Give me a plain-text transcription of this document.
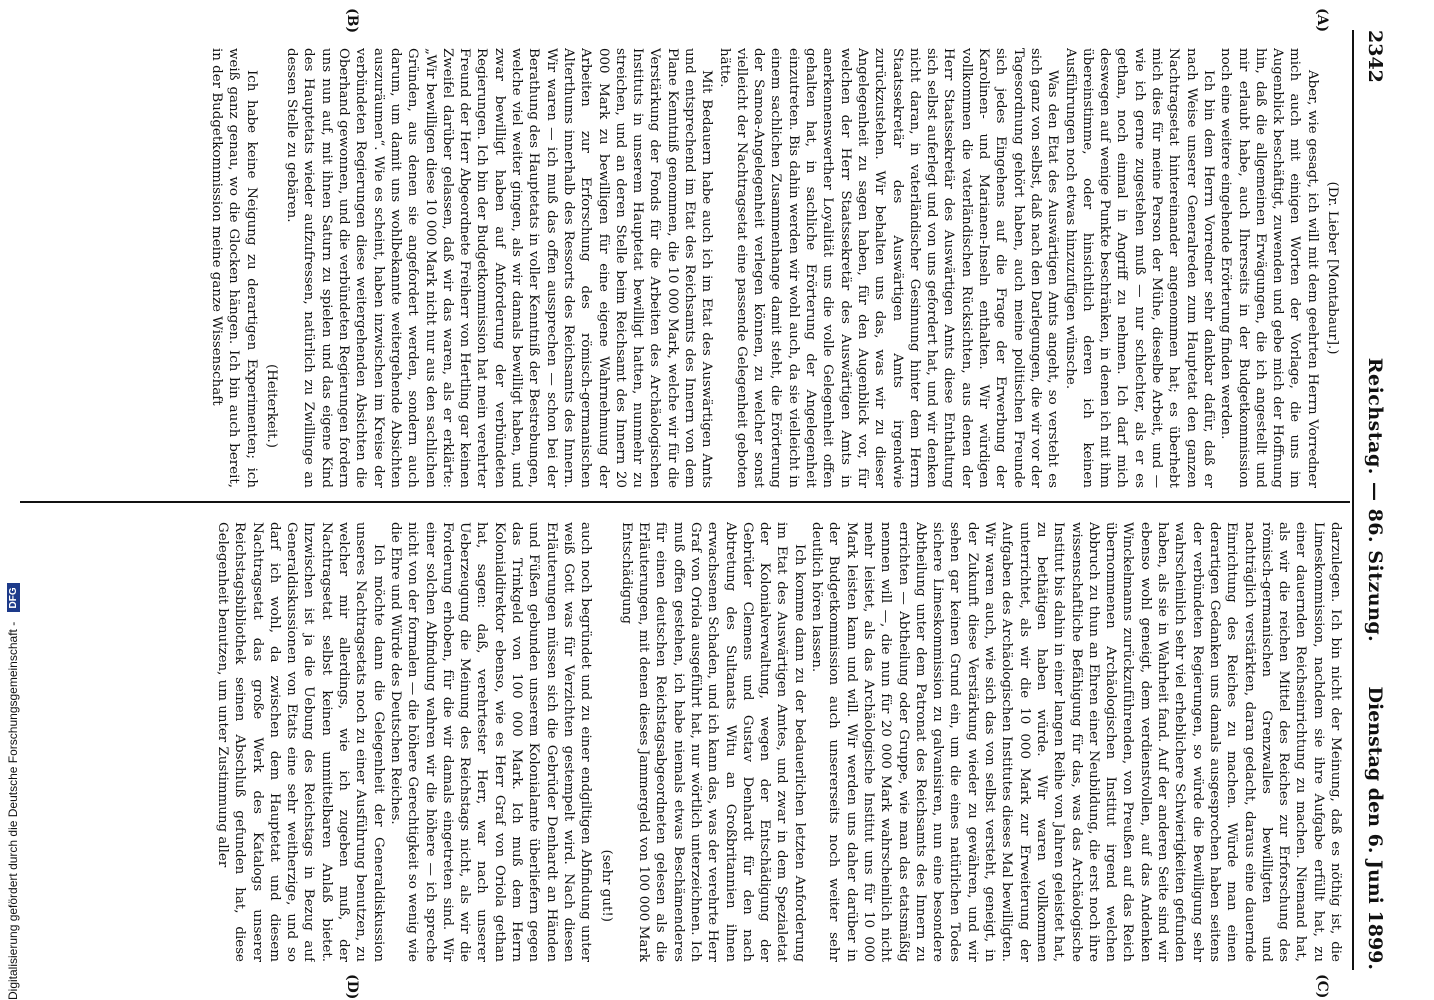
2342
Reichstag. — 86. Sitzung.
Dienstag den 6. Juni 1899.
(A)
(B)
(C)
(D)

(Dr. Lieber [Montabaur].)

Aber, wie gesagt, ich will mit dem geehrten Herrn Vorredner mich auch mit einigen Worten der Vorlage, die uns im Augenblick beschäftigt, zuwenden und gebe mich der Hoffnung hin, daß die allgemeinen Erwägungen, die ich angestellt und mir erlaubt habe, auch Ihrerseits in der Budgetkommission noch eine weitere eingehende Erörterung finden werden.

Ich bin dem Herrn Vorredner sehr dankbar dafür, daß er nach Weise unserer Generalreden zum Hauptetat den ganzen Nachtragsetat hintereinander angenommen hat; es überhebt mich dies für meine Person der Mühe, dieselbe Arbeit, und — wie ich gerne zugestehen muß — nur schlechter, als er es gethan, noch einmal in Angriff zu nehmen. Ich darf mich deswegen auf wenige Punkte beschränken, in denen ich mit ihm übereinstimme, oder hinsichtlich deren ich keinen Ausführungen noch etwas hinzuzufügen wünsche.

Was den Etat des Auswärtigen Amts angeht, so versteht es sich ganz von selbst, daß nach den Darlegungen, die wir vor der Tagesordnung gehört haben, auch meine politischen Freunde sich jedes Eingehens auf die Frage der Erwerbung der Karolinen- und Marianen-Inseln enthalten. Wir würdigen vollkommen die vaterländischen Rücksichten, aus denen der Herr Staatssekretär des Auswärtigen Amts diese Enthaltung sich selbst auferlegt und von uns gefordert hat, und wir denken nicht daran, in vaterländischer Gesinnung hinter dem Herrn Staatssekretär des Auswärtigen Amts irgendwie zurückzustehen. Wir behalten uns das, was wir zu dieser Angelegenheit zu sagen haben, für den Augenblick vor, für welchen der Herr Staatssekretär des Auswärtigen Amts in anerkennenswerther Loyalität uns die volle Gelegenheit offen gehalten hat, in sachliche Erörterung der Angelegenheit einzutreten. Bis dahin werden wir wohl auch, da sie vielleicht in einem sachlichen Zusammenhange damit steht, die Erörterung der Samoa-Angelegenheit verlegen können, zu welcher sonst vielleicht der Nachtragsetat eine passende Gelegenheit geboten hätte.

Mit Bedauern habe auch ich im Etat des Auswärtigen Amts und entsprechend im Etat des Reichsamts des Innern von dem Plane Kenntniß genommen, die 10 000 Mark, welche wir für die Verstärkung der Fonds für die Arbeiten des Archäologischen Instituts in unserem Hauptetat bewilligt hatten, nunmehr zu streichen, und an deren Stelle beim Reichsamt des Innern 20 000 Mark zu bewilligen für eine eigene Wahrnehmung der Arbeiten zur Erforschung des römisch-germanischen Alterthums innerhalb des Ressorts des Reichsamts des Innern. Wir waren — ich muß das offen aussprechen — schon bei der Berathung des Hauptetats in voller Kenntniß der Bestrebungen, welche viel weiter gingen, als wir damals bewilligt haben, und zwar bewilligt haben auf Anforderung der verbündeten Regierungen. Ich bin der Budgetkommission hat mein verehrter Freund der Herr Abgeordnete Freiherr von Hertling gar keinen Zweifel darüber gelassen, daß wir das waren, als er erklärte: „Wir bewilligen diese 10 000 Mark nicht nur aus den sachlichen Gründen, aus denen sie angefordert werden, sondern auch darum, um damit uns wohlbekannte weitergehende Absichten auszuräumen“. Wie es scheint, haben inzwischen im Kreise der verbündeten Regierungen diese weitergehenden Absichten die Oberhand gewonnen, und die verbündeten Regierungen fordern uns nun auf, mit ihnen Saturn zu spielen und das eigene Kind des Hauptetats wieder aufzufressen, natürlich zu Zwillinge an dessen Stelle zu gebären.

(Heiterkeit.)

Ich habe keine Neigung zu derartigen Experimenten; ich weiß ganz genau, wo die Glocken hängen. Ich bin auch bereit, in der Budgetkommission meine ganze Wissenschaft

darzulegen. Ich bin nicht der Meinung, daß es nöthig ist, die Limeskommission, nachdem sie ihre Aufgabe erfüllt hat, zu einer dauernden Reichseinrichtung zu machen. Niemand hat, als wir die reichen Mittel des Reiches zur Erforschung des römisch-germanischen Grenzwalles bewilligten und nachträglich verstärkten, daran gedacht, daraus eine dauernde Einrichtung des Reiches zu machen. Würde man einen derartigen Gedanken uns damals ausgesprochen haben seitens der verbündeten Regierungen, so würde die Bewilligung sehr wahrscheinlich sehr viel erheblichere Schwierigkeiten gefunden haben, als sie in Wahrheit fand. Auf der anderen Seite sind wir ebenso wohl geneigt, dem verdienstvollen, auf das Andenken Winckelmanns zurückzuführenden, von Preußen auf das Reich übernommenen Archäologischen Institut irgend welchen Abbruch zu thun an Ehren einer Neubildung, die erst noch ihre wissenschaftliche Befähigung für das, was das Archäologische Institut bis dahin in einer langen Reihe von Jahren geleistet hat, zu bethätigen haben würde. Wir waren vollkommen unterrichtet, als wir die 10 000 Mark zur Erweiterung der Aufgaben des Archäologischen Institutes dieses Mal bewilligten. Wir waren auch, wie sich das von selbst versteht, geneigt, in der Zukunft diese Verstärkung wieder zu gewähren, und wir sehen gar keinen Grund ein, um die eines natürlichen Todes sichere Limeskommission zu galvanisiren, nun eine besondere Abtheilung unter dem Patronat des Reichsamts des Innern zu errichten — Abtheilung oder Gruppe, wie man das etatsmäßig nennen will —, die nun für 20 000 Mark wahrscheinlich nicht mehr leistet, als das Archäologische Institut uns für 10 000 Mark leisten kann und will. Wir werden uns daher darüber in der Budgetkommission auch unsererseits noch weiter sehr deutlich hören lassen.

Ich komme dann zu der bedauerlichen letzten Anforderung im Etat des Auswärtigen Amtes, und zwar in dem Spezialetat der Kolonialverwaltung, wegen der Entschädigung der Gebrüder Clemens und Gustav Denhardt für den nach Abtretung des Sultanats Witu an Großbritannien ihnen erwachsenen Schaden, und ich kann das, was der verehrte Herr Graf von Oriola ausgeführt hat, nur wörtlich unterzeichnen. Ich muß offen gestehen, ich habe niemals etwas Beschämenderes für einen deutschen Reichstagsabgeordneten gelesen als die Erläuterungen, mit denen dieses Jammergeld von 100 000 Mark Entschädigung

(sehr gut!)

auch noch begründet und zu einer endgiltigen Abfindung unter weiß Gott was für Verzichten gestempelt wird. Nach diesen Erläuterungen müssen sich die Gebrüder Denhardt an Händen und Füßen gebunden unserem Kolonialamte überliefern gegen das Trinkgeld von 100 000 Mark. Ich muß dem Herrn Kolonialdirektor ebenso, wie es Herr Graf von Oriola gethan hat, sagen: daß, verehrtester Herr, war nach unserer Ueberzeugung die Meinung des Reichstags nicht, als wir die Forderung erhoben, für die wir damals eingetreten sind. Wir einer solchen Abfindung wahren wir die höhere — ich spreche nicht von der formalen — die höhere Gerechtigkeit so wenig wie die Ehre und Würde des Deutschen Reiches.

Ich möchte dann die Gelegenheit der Generaldiskussion unseres Nachtragsetats noch zu einer Ausführung benutzen, zu welcher mir allerdings, wie ich zugeben muß, der Nachtragsetat selbst keinen unmittelbaren Anlaß bietet. Inzwischen ist ja die Uebung des Reichstags in Bezug auf Generaldiskussionen von Etats eine sehr weitherzige, und so darf ich wohl, da zwischen dem Hauptetat und diesem Nachtragsetat das große Werk des Katalogs unserer Reichstagsbibliothek seinen Abschluß gefunden hat, diese Gelegenheit benutzen, um unter Zustimmung aller

Digitalisierung gefördert durch die Deutsche Forschungsgemeinschaft - DFG
